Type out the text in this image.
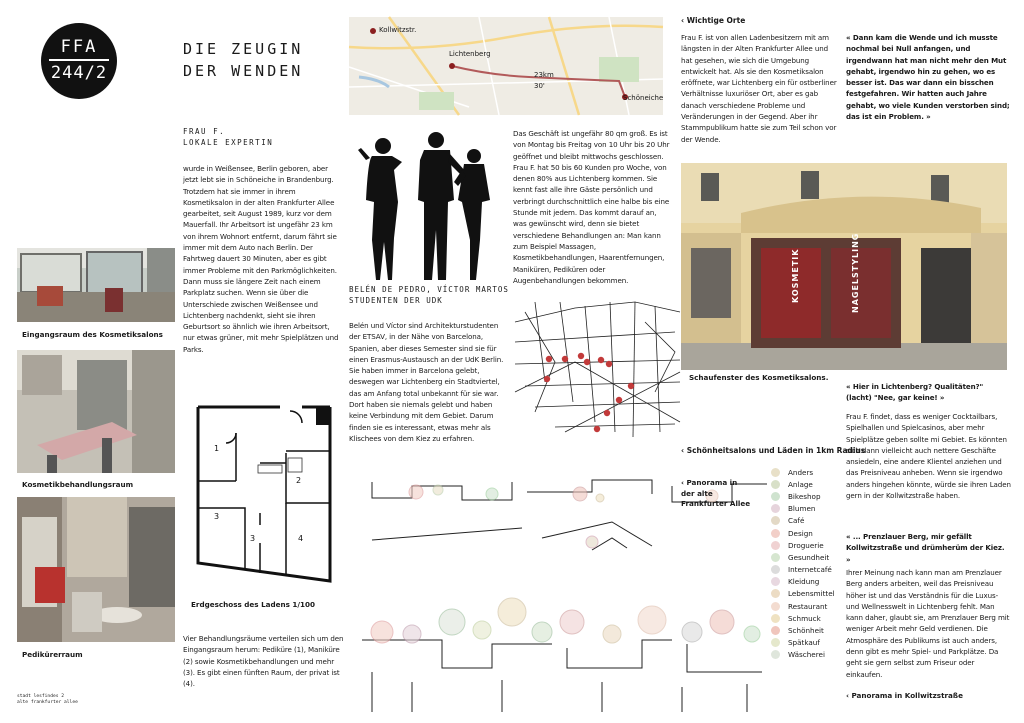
FFA
244/2
DIE ZEUGIN
DER WENDEN
FRAU F.
LOKALE EXPERTIN
wurde in Weißensee, Berlin geboren, aber jetzt lebt sie in Schöneiche in Brandenburg. Trotzdem hat sie immer in ihrem Kosmetiksalon in der alten Frankfurter Allee gearbeitet, seit August 1989, kurz vor dem Mauerfall. Ihr Arbeitsort ist ungefähr 23 km von ihrem Wohnort entfernt, darum fährt sie immer mit dem Auto nach Berlin. Der Fahrtweg dauert 30 Minuten, aber es gibt immer Probleme mit den Parkmöglichkeiten. Dann muss sie längere Zeit nach einem Parkplatz suchen. Wenn sie über die Unterschiede zwischen Weißensee und Lichtenberg nachdenkt, sieht sie ihren Geburtsort so ähnlich wie ihren Arbeitsort, nur etwas grüner, mit mehr Spielplätzen und Parks.
Eingangsraum des Kosmetiksalons
Kosmetikbehandlungsraum
Pedikürerraum
1
2
3
4
3
Erdgeschoss des Ladens 1/100
Vier Behandlungsräume verteilen sich um den Eingangsraum herum: Pediküre (1), Maniküre (2) sowie Kosmetikbehandlungen und mehr (3). Es gibt einen fünften Raum, der privat ist (4).
Kollwitzstr.
Lichtenberg
23km
30'
Schöneiche
BELÉN DE PEDRO, VÍCTOR MARTOS
STUDENTEN DER UDK
Belén und Víctor sind Architekturstudenten der ETSAV, in der Nähe von Barcelona, Spanien, aber dieses Semester sind sie für einen Erasmus-Austausch an der UdK Berlin. Sie haben immer in Barcelona gelebt, deswegen war Lichtenberg ein Stadtviertel, das am Anfang total unbekannt für sie war. Dort haben sie niemals gelebt und haben keine Verbindung mit dem Gebiet. Darum finden sie es interessant, etwas mehr als Klischees von dem Kiez zu erfahren.
Das Geschäft ist ungefähr 80 qm groß. Es ist von Montag bis Freitag von 10 Uhr bis 20 Uhr geöffnet und bleibt mittwochs geschlossen. Frau F. hat 50 bis 60 Kunden pro Woche, von denen 80% aus Lichtenberg kommen. Sie kennt fast alle ihre Gäste persönlich und verbringt durchschnittlich eine halbe bis eine Stunde mit jedem. Das kommt darauf an, was gewünscht wird, denn sie bietet verschiedene Behandlungen an: Man kann zum Beispiel Massagen, Kosmetikbehandlungen, Haarentfernungen, Maniküren, Pediküren oder Augenbehandlungen bekommen.
‹ Schönheitsalons und Läden in 1km Radius
‹ Panorama in der alte Frankfurter Allee
Anders
Anlage
Bikeshop
Blumen
Café
Design
Droguerie
Gesundheit
Internetcafé
Kleidung
Lebensmittel
Restaurant
Schmuck
Schönheit
Spätkauf
Wäscherei
‹ Wichtige Orte
Frau F. ist von allen Ladenbesitzern mit am längsten in der Alten Frankfurter Allee und hat gesehen, wie sich die Umgebung entwickelt hat. Als sie den Kosmetiksalon eröffnete, war Lichtenberg ein für ostberliner Verhältnisse luxuriöser Ort, aber es gab danach verschiedene Probleme und Veränderungen in der Gegend. Aber ihr Stammpublikum hatte sie zum Teil schon vor der Wende.
« Dann kam die Wende und ich musste nochmal bei Null anfangen, und irgendwann hat man nicht mehr den Mut gehabt, irgendwo hin zu gehen, wo es besser ist. Das war dann ein bisschen festgefahren. Wir hatten auch Jahre gehabt, wo viele Kunden verstorben sind; das ist ein Problem. »
KOSMETIK	NAGELSTYLING
Schaufenster des Kosmetiksalons.
« Hier in Lichtenberg? Qualitäten?" (lacht) "Nee, gar keine! »
Frau F. findet, dass es weniger Cocktailbars, Spielhallen und Spielcasinos, aber mehr Spielplätze geben sollte mi Gebiet. Es könnten sich dann vielleicht auch nettere Geschäfte ansiedeln, eine andere Klientel anziehen und das Preisniveau anheben. Wenn sie irgendwo anders hingehen könnte, würde sie ihren Laden gern in der Kollwitzstraße haben.
« ... Prenzlauer Berg, mir gefällt Kollwitzstraße und drümherüm der Kiez. »
Ihrer Meinung nach kann man am Prenzlauer Berg anders arbeiten, weil das Preisniveau höher ist und das Verständnis für die Luxus- und Wellnesswelt in Lichtenberg fehlt. Man kann daher, glaubt sie, am Prenzlauer Berg mit weniger Arbeit mehr Geld verdienen. Die Atmosphäre des Publikums ist auch anders, denn gibt es mehr Spiel- und Parkplätze. Da geht sie gern selbst zum Friseur oder einkaufen.
‹ Panorama in Kollwitzstraße
stadt lesfindes 2
alte frankfurter allee
